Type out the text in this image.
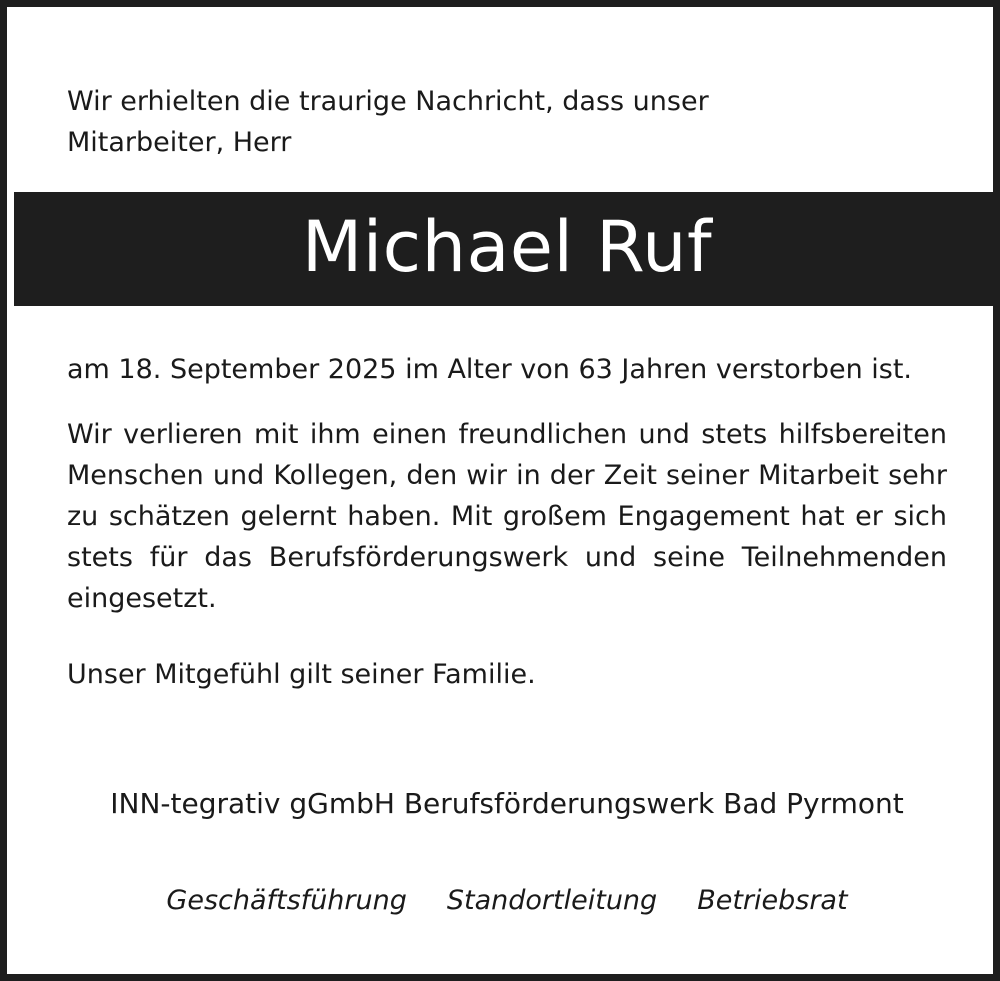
Wir erhielten die traurige Nachricht, dass unser

Mitarbeiter, Herr

Michael Ruf

am 18. September 2025 im Alter von 63 Jahren verstorben ist.

Wir verlieren mit ihm einen freundlichen und stets hilfsbereiten Menschen und Kollegen, den wir in der Zeit seiner Mitarbeit sehr zu schätzen gelernt haben. Mit großem Engagement hat er sich stets für das Berufsförderungswerk und seine Teilnehmenden eingesetzt.

Unser Mitgefühl gilt seiner Familie.

INN-tegrativ gGmbH Berufsförderungswerk Bad Pyrmont
Geschäftsführung Standortleitung Betriebsrat
